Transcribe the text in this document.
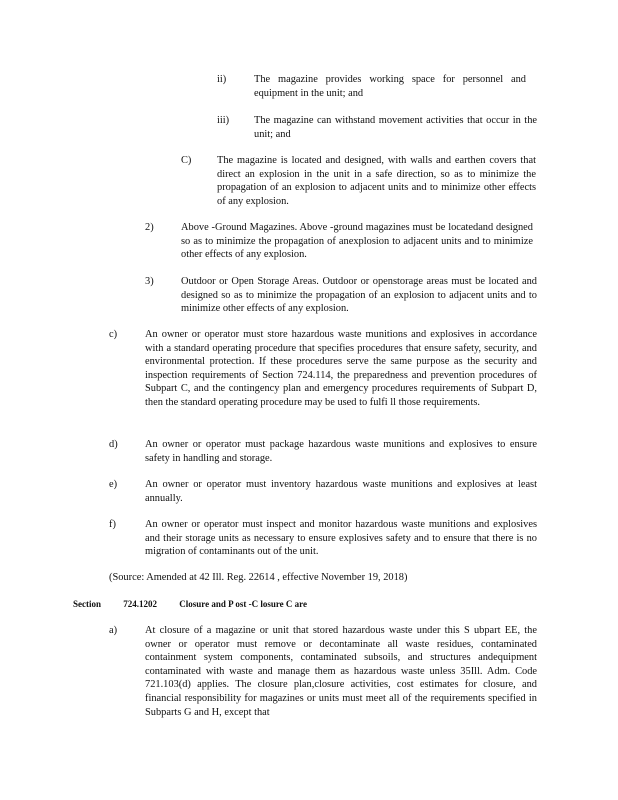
ii)	The magazine provides working space for personnel and equipment in the unit; and

iii) The magazine can withstand movement activities that occur in the unit; and

C) The magazine is located and designed, with walls and earthen covers that direct an explosion in the unit in a safe direction, so as to minimize the propagation of an explosion to adjacent units and to minimize other effects of any explosion.

2)	Above -Ground Magazines. Above -ground magazines must be locatedand designed so as to minimize the propagation of anexplosion to adjacent units and to minimize other effects of any explosion.

3)	Outdoor or Open Storage Areas. Outdoor or openstorage areas must be located and designed so as to minimize the propagation of an explosion to adjacent units and to minimize other effects of any explosion.

c)	An owner or operator must store hazardous waste munitions and explosives in accordance with a standard operating procedure that specifies procedures that ensure safety, security, and environmental protection. If these procedures serve the same purpose as the security and inspection requirements of Section 724.114, the preparedness and prevention procedures of Subpart C, and the contingency plan and emergency procedures requirements of Subpart D, then the standard operating procedure may be used to fulfi ll those requirements.

d)	An owner or operator must package hazardous waste munitions and explosives to ensure safety in handling and storage.

e)	An owner or operator must inventory hazardous waste munitions and explosives at least annually.

f)	An owner or operator must inspect and monitor hazardous waste munitions and explosives and their storage units as necessary to ensure explosives safety and to ensure that there is no migration of contaminants out of the unit.

(Source: Amended at 42 Ill. Reg. 22614 , effective November 19, 2018)
Section 724.1202 Closure and P ost -C losure C are
a)	At closure of a magazine or unit that stored hazardous waste under this S ubpart EE, the owner or operator must remove or decontaminate all waste residues, contaminated containment system components, contaminated subsoils, and structures andequipment contaminated with waste and manage them as hazardous waste unless 35Ill. Adm. Code 721.103(d) applies. The closure plan,closure activities, cost estimates for closure, and financial responsibility for magazines or units must meet all of the requirements specified in Subparts G and H, except that
